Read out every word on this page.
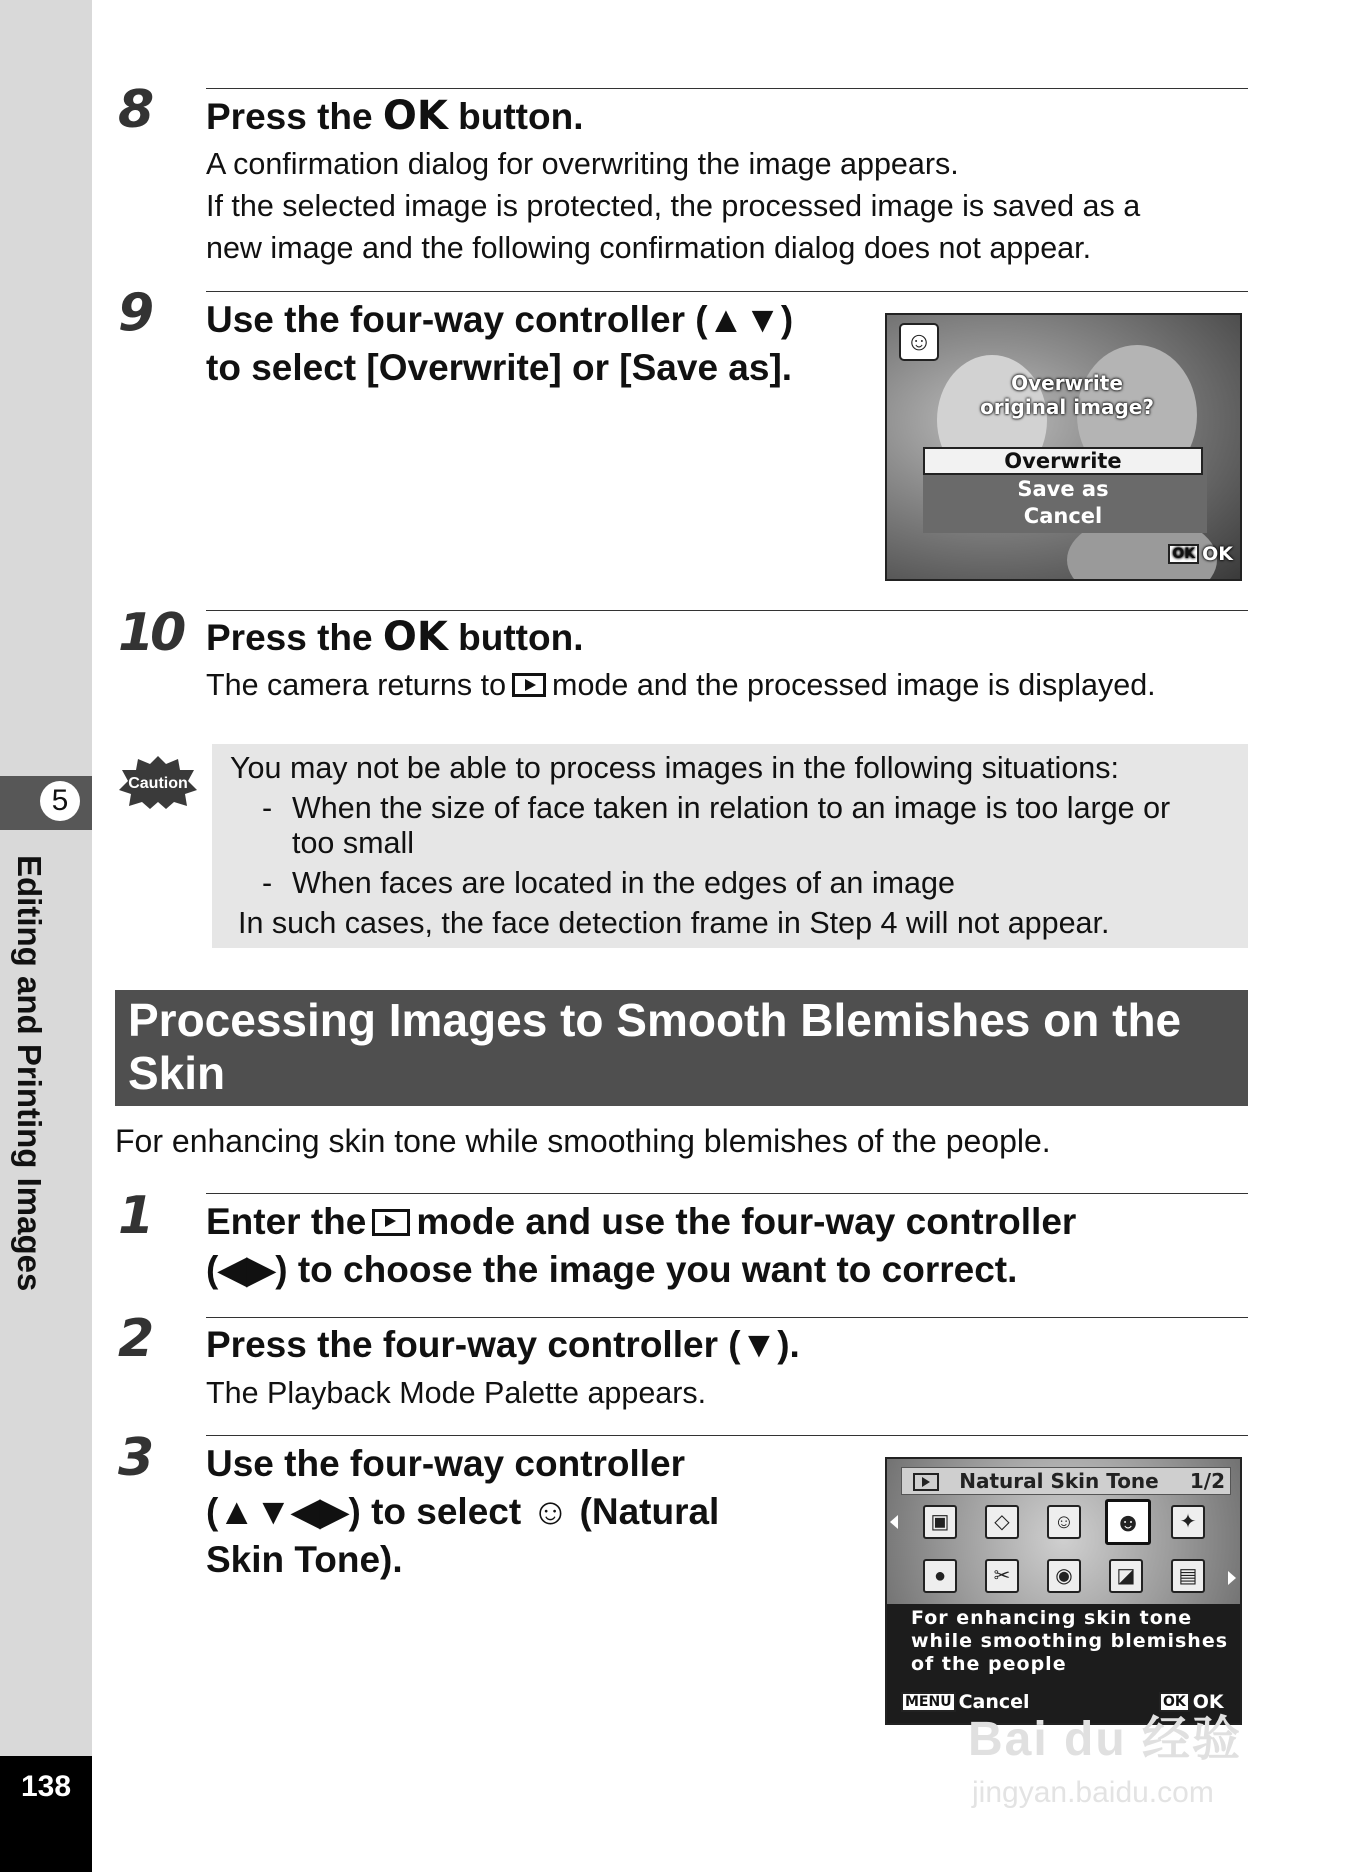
5
Editing and Printing Images
138
8 Press the OK button.
A confirmation dialog for overwriting the image appears.
If the selected image is protected, the processed image is saved as a
new image and the following confirmation dialog does not appear.
9 Use the four-way controller (▲▼)
to select [Overwrite] or [Save as].
☺
Overwrite
original image?
Overwrite
Save as
Cancel
OK OK
10 Press the OK button.
The camera returns to mode and the processed image is displayed.
Caution You may not be able to process images in the following situations:
- When the size of face taken in relation to an image is too large or
too small
- When faces are located in the edges of an image
In such cases, the face detection frame in Step 4 will not appear.
Processing Images to Smooth Blemishes on the
Skin
For enhancing skin tone while smoothing blemishes of the people.
1 Enter the mode and use the four-way controller
(◀▶) to choose the image you want to correct.
2 Press the four-way controller (▼).
The Playback Mode Palette appears.
3 Use the four-way controller
(▲▼◀▶) to select ☺ (Natural
Skin Tone).
Natural Skin Tone	1/2
▣	◇	☺	☻	✦
●	✂	◉	◪	▤
For enhancing skin tone
while smoothing blemishes
of the people
MENU Cancel	OK OK
Bai du 经验
jingyan.baidu.com
